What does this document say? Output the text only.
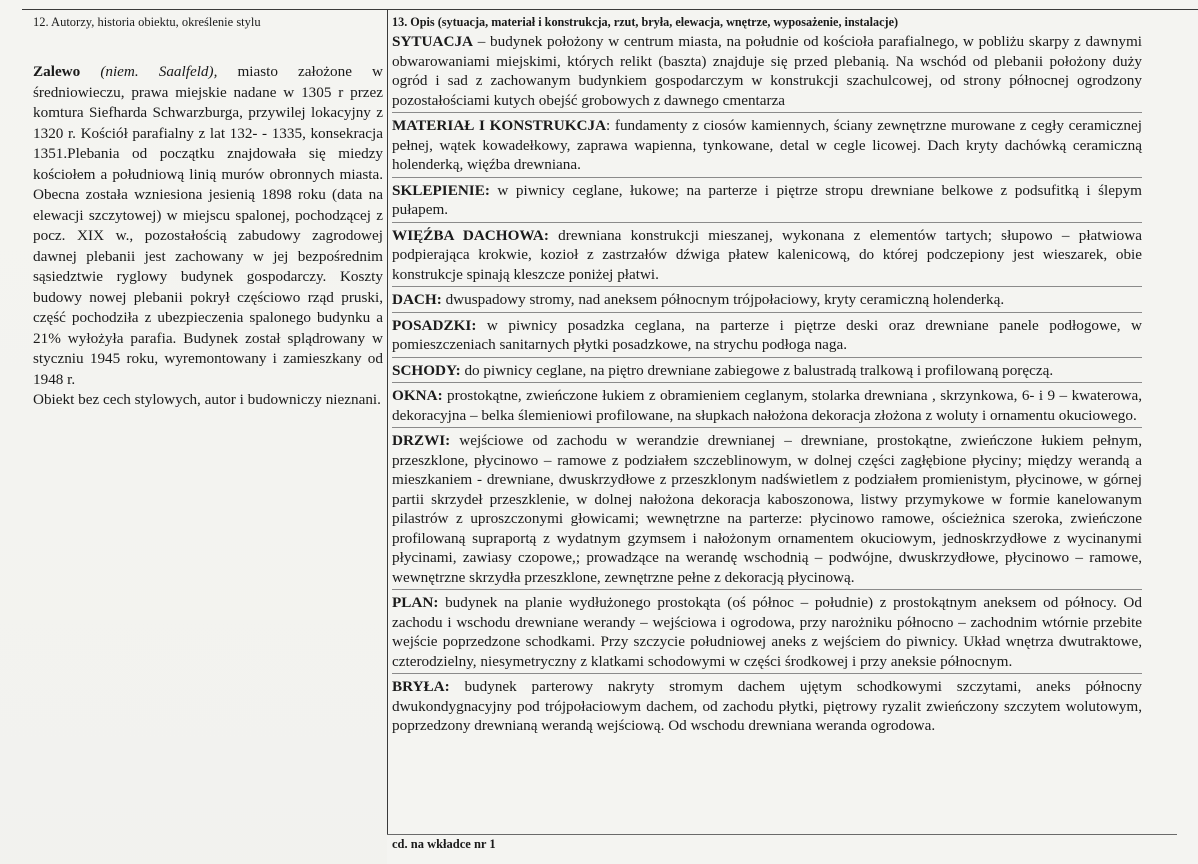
12. Autorzy, historia obiektu, określenie stylu

Zalewo (niem. Saalfeld), miasto założone w średniowieczu, prawa miejskie nadane w 1305 r przez komtura Siefharda Schwarzburga, przywilej lokacyjny z 1320 r. Kościół parafialny z lat 132- - 1335, konsekracja 1351.Plebania od początku znajdowała się miedzy kościołem a południową linią murów obronnych miasta. Obecna została wzniesiona jesienią 1898 roku (data na elewacji szczytowej) w miejscu spalonej, pochodzącej z pocz. XIX w., pozostałością zabudowy zagrodowej dawnej plebanii jest zachowany w jej bezpośrednim sąsiedztwie ryglowy budynek gospodarczy. Koszty budowy nowej plebanii pokrył częściowo rząd pruski, część pochodziła z ubezpieczenia spalonego budynku a 21% wyłożyła parafia. Budynek został splądrowany w styczniu 1945 roku, wyremontowany i zamieszkany od 1948 r.

Obiekt bez cech stylowych, autor i budowniczy nieznani.

13. Opis (sytuacja, materiał i konstrukcja, rzut, bryła, elewacja, wnętrze, wyposażenie, instalacje)

SYTUACJA – budynek położony w centrum miasta, na południe od kościoła parafialnego, w pobliżu skarpy z dawnymi obwarowaniami miejskimi, których relikt (baszta) znajduje się przed plebanią. Na wschód od plebanii położony duży ogród i sad z zachowanym budynkiem gospodarczym w konstrukcji szachulcowej, od strony północnej ogrodzony pozostałościami kutych obejść grobowych z dawnego cmentarza

MATERIAŁ I KONSTRUKCJA: fundamenty z ciosów kamiennych, ściany zewnętrzne murowane z cegły ceramicznej pełnej, wątek kowadełkowy, zaprawa wapienna, tynkowane, detal w cegle licowej. Dach kryty dachówką ceramiczną holenderką, więźba drewniana.

SKLEPIENIE: w piwnicy ceglane, łukowe; na parterze i piętrze stropu drewniane belkowe z podsufitką i ślepym pułapem.

WIĘŹBA DACHOWA: drewniana konstrukcji mieszanej, wykonana z elementów tartych; słupowo – płatwiowa podpierająca krokwie, kozioł z zastrzałów dźwiga płatew kalenicową, do której podczepiony jest wieszarek, obie konstrukcje spinają kleszcze poniżej płatwi.

DACH: dwuspadowy stromy, nad aneksem północnym trójpołaciowy, kryty ceramiczną holenderką.

POSADZKI: w piwnicy posadzka ceglana, na parterze i piętrze deski oraz drewniane panele podłogowe, w pomieszczeniach sanitarnych płytki posadzkowe, na strychu podłoga naga.

SCHODY: do piwnicy ceglane, na piętro drewniane zabiegowe z balustradą tralkową i profilowaną poręczą.

OKNA: prostokątne, zwieńczone łukiem z obramieniem ceglanym, stolarka drewniana , skrzynkowa, 6- i 9 – kwaterowa, dekoracyjna – belka ślemieniowi profilowane, na słupkach nałożona dekoracja złożona z woluty i ornamentu okuciowego.

DRZWI: wejściowe od zachodu w werandzie drewnianej – drewniane, prostokątne, zwieńczone łukiem pełnym, przeszklone, płycinowo – ramowe z podziałem szczeblinowym, w dolnej części zagłębione płyciny; między werandą a mieszkaniem - drewniane, dwuskrzydłowe z przeszklonym nadświetlem z podziałem promienistym, płycinowe, w górnej partii skrzydeł przeszklenie, w dolnej nałożona dekoracja kaboszonowa, listwy przymykowe w formie kanelowanym pilastrów z uproszczonymi głowicami; wewnętrzne na parterze: płycinowo ramowe, ościeżnica szeroka, zwieńczone profilowaną supraportą z wydatnym gzymsem i nałożonym ornamentem okuciowym, jednoskrzydłowe z wycinanymi płycinami, zawiasy czopowe,; prowadzące na werandę wschodnią – podwójne, dwuskrzydłowe, płycinowo – ramowe, wewnętrzne skrzydła przeszklone, zewnętrzne pełne z dekoracją płycinową.

PLAN: budynek na planie wydłużonego prostokąta (oś północ – południe) z prostokątnym aneksem od północy. Od zachodu i wschodu drewniane werandy – wejściowa i ogrodowa, przy narożniku północno – zachodnim wtórnie przebite wejście poprzedzone schodkami. Przy szczycie południowej aneks z wejściem do piwnicy. Układ wnętrza dwutraktowe, czterodzielny, niesymetryczny z klatkami schodowymi w części środkowej i przy aneksie północnym.

BRYŁA: budynek parterowy nakryty stromym dachem ujętym schodkowymi szczytami, aneks północny dwukondygnacyjny pod trójpołaciowym dachem, od zachodu płytki, piętrowy ryzalit zwieńczony szczytem wolutowym, poprzedzony drewnianą werandą wejściową. Od wschodu drewniana weranda ogrodowa.

cd. na wkładce nr 1
